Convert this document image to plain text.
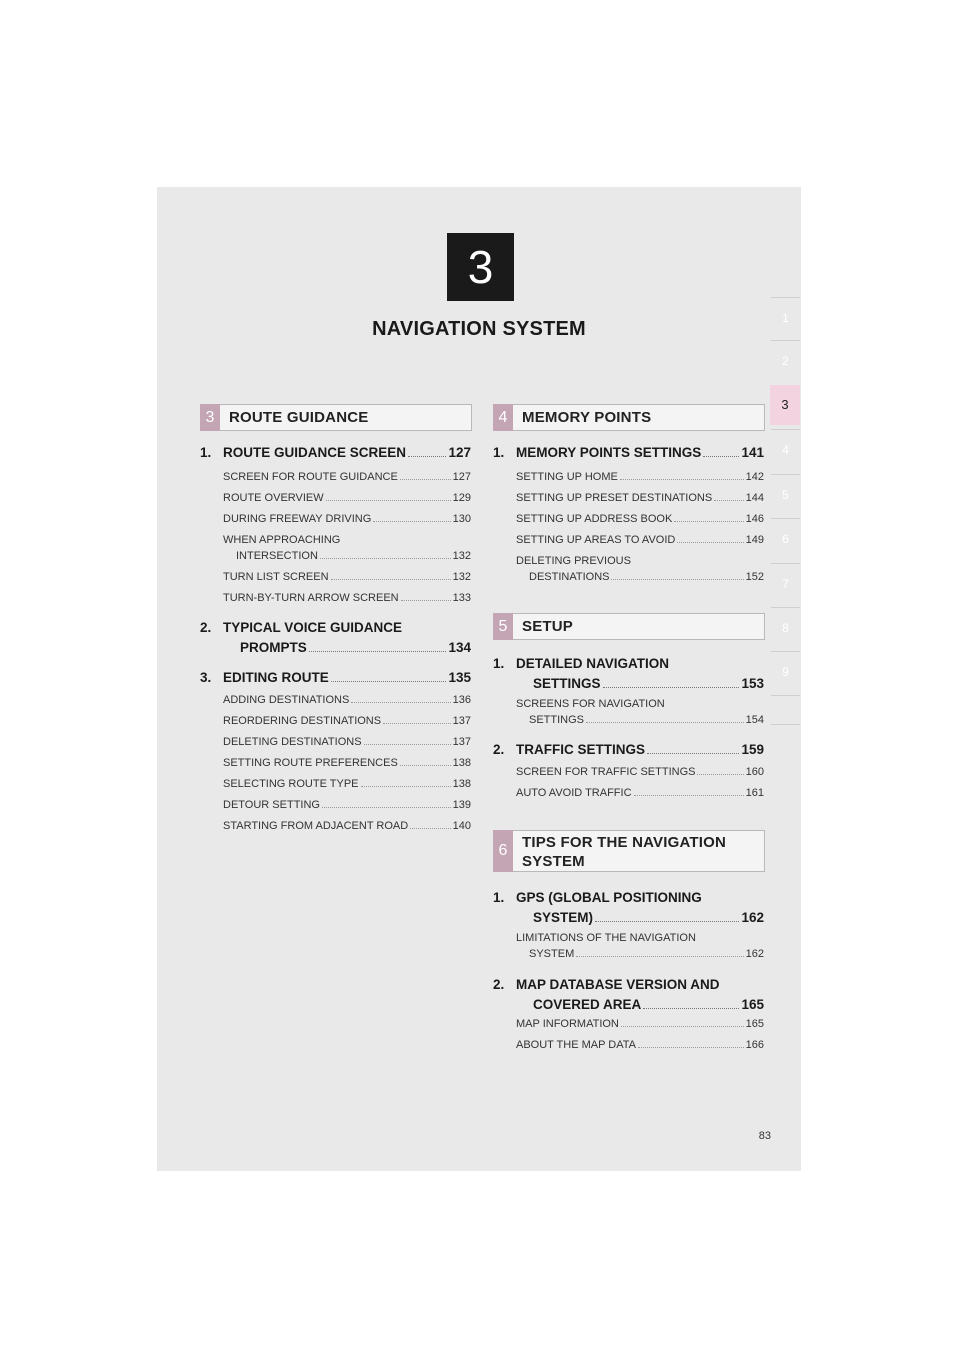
3
NAVIGATION SYSTEM	1
2
3
4
5
6
7
8
9
3 ROUTE GUIDANCE
1. ROUTE GUIDANCE SCREEN	127
SCREEN FOR ROUTE GUIDANCE	127
ROUTE OVERVIEW	129
DURING FREEWAY DRIVING	130
WHEN APPROACHING
INTERSECTION	132
TURN LIST SCREEN	132
TURN-BY-TURN ARROW SCREEN	133
2. TYPICAL VOICE GUIDANCE
PROMPTS	134
3. EDITING ROUTE	135
ADDING DESTINATIONS	136
REORDERING DESTINATIONS	137
DELETING DESTINATIONS	137
SETTING ROUTE PREFERENCES	138
SELECTING ROUTE TYPE	138
DETOUR SETTING	139
STARTING FROM ADJACENT ROAD	140
4 MEMORY POINTS
1. MEMORY POINTS SETTINGS	141
SETTING UP HOME	142
SETTING UP PRESET DESTINATIONS	144
SETTING UP ADDRESS BOOK	146
SETTING UP AREAS TO AVOID	149
DELETING PREVIOUS
DESTINATIONS	152
5 SETUP
1. DETAILED NAVIGATION
SETTINGS	153
SCREENS FOR NAVIGATION
SETTINGS	154
2. TRAFFIC SETTINGS	159
SCREEN FOR TRAFFIC SETTINGS	160
AUTO AVOID TRAFFIC	161
6 TIPS FOR THE NAVIGATION SYSTEM
1. GPS (GLOBAL POSITIONING
SYSTEM)	162
LIMITATIONS OF THE NAVIGATION
SYSTEM	162
2. MAP DATABASE VERSION AND
COVERED AREA	165
MAP INFORMATION	165
ABOUT THE MAP DATA	166
83
